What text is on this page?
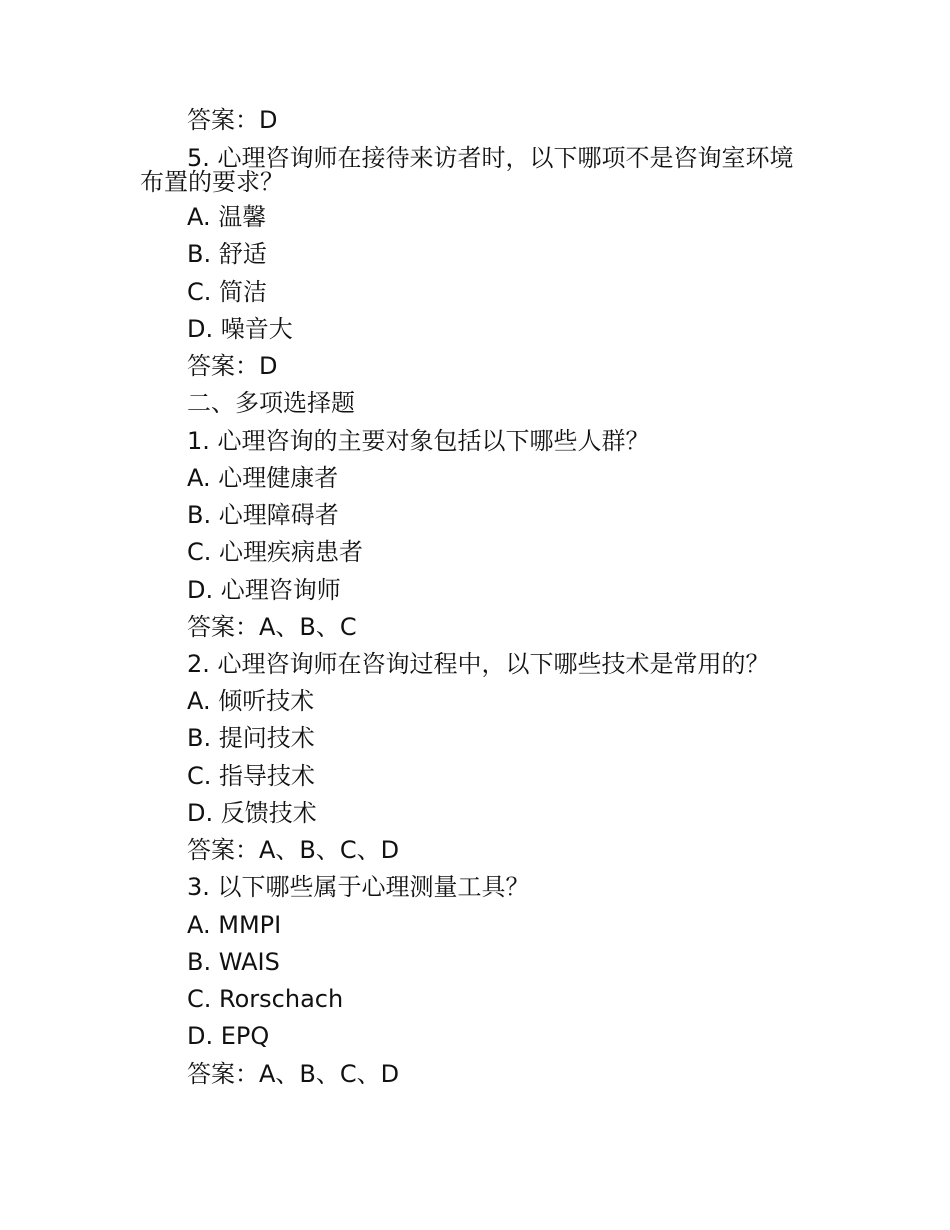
答案：D
5. 心理咨询师在接待来访者时，以下哪项不是咨询室环境
布置的要求？
A. 温馨
B. 舒适
C. 简洁
D. 噪音大
答案：D
二、多项选择题
1. 心理咨询的主要对象包括以下哪些人群？
A. 心理健康者
B. 心理障碍者
C. 心理疾病患者
D. 心理咨询师
答案：A、B、C
2. 心理咨询师在咨询过程中，以下哪些技术是常用的？
A. 倾听技术
B. 提问技术
C. 指导技术
D. 反馈技术
答案：A、B、C、D
3. 以下哪些属于心理测量工具？
A. MMPI
B. WAIS
C. Rorschach
D. EPQ
答案：A、B、C、D
